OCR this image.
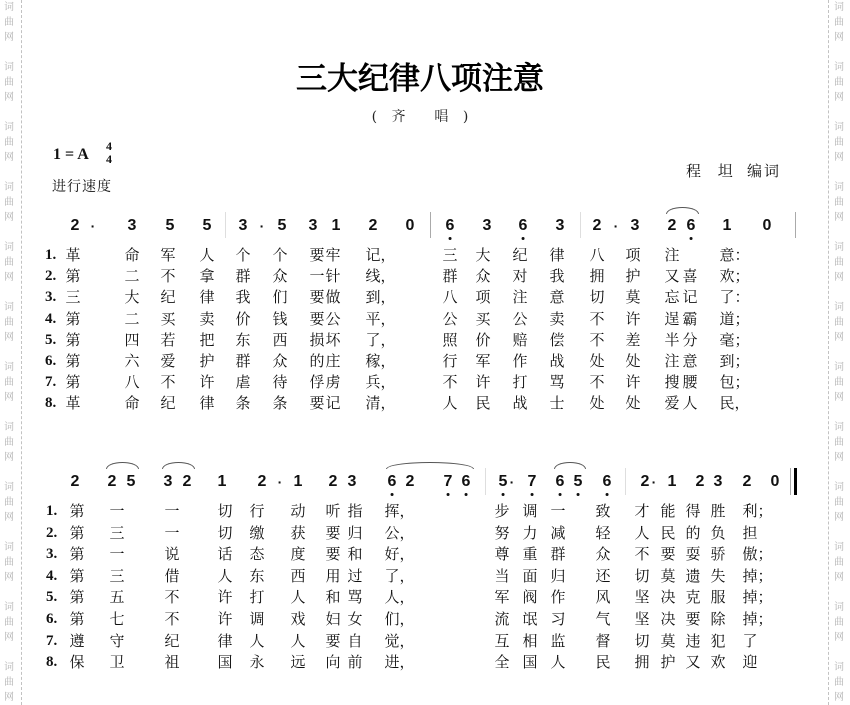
词
曲
网
词
曲
网
词
曲
网
词
曲
网
词
曲
网
词
曲
网
词
曲
网
词
曲
网
词
曲
网
词
曲
网
词
曲
网
词
曲
网
词
曲
网
词
曲
网
词
曲
网
词
曲
网
词
曲
网
词
曲
网
词
曲
网
词
曲
网
词
曲
网
词
曲
网
词
曲
网
词
曲
网
三大纪律八项注意
( 齐  唱 )
1 = A 4
4
进行速度
程 坦 编词
2 · 3 5 5 3 · 5 3 1 2 0 6 3 6 3 2 · 3 2 6 1 0
1. 革	命 军 人 个 个 要牢 记，	三 大 纪 律 八 项 注 意：
2. 第	二 不 拿 群 众 一针 线，	群 众 对 我 拥 护 又喜 欢；
3. 三	大 纪 律 我 们 要做 到，	八 项 注 意 切 莫 忘记 了：
4. 第	二 买 卖 价 钱 要公 平，	公 买 公 卖 不 许 逞霸 道；
5. 第	四 若 把 东 西 损坏 了，	照 价 赔 偿 不 差 半分 毫；
6. 第	六 爱 护 群 众 的庄 稼，	行 军 作 战 处 处 注意 到；
7. 第	八 不 许 虐 待 俘虏 兵，	不 许 打 骂 不 许 搜腰 包；
8. 革	命 纪 律 条 条 要记 清，	人 民 战 士 处 处 爱人 民，
2 2 5 3 2 1 2 · 1 2 3 6 2 7 6 5 · 7 6 5 6 2 · 1 2 3 2 0
1. 第 一	一	切 行 动 听指 挥，	步 调 一 致 才 能 得胜 利；
2. 第 三	一	切 缴 获 要归 公，	努 力 减 轻 人 民 的负 担
3. 第 一	说	话 态 度 要和 好，	尊 重 群 众 不 要 耍骄 傲；
4. 第 三	借	人 东 西 用过 了，	当 面 归 还 切 莫 遗失 掉；
5. 第 五	不	许 打 人 和骂 人，	军 阀 作 风 坚 决 克服 掉；
6. 第 七	不	许 调 戏 妇女 们，	流 氓 习 气 坚 决 要除 掉；
7. 遵 守	纪	律 人 人 要自 觉，	互 相 监 督 切 莫 违犯 了
8. 保 卫	祖	国 永 远 向前 进，	全 国 人 民 拥 护 又欢 迎
